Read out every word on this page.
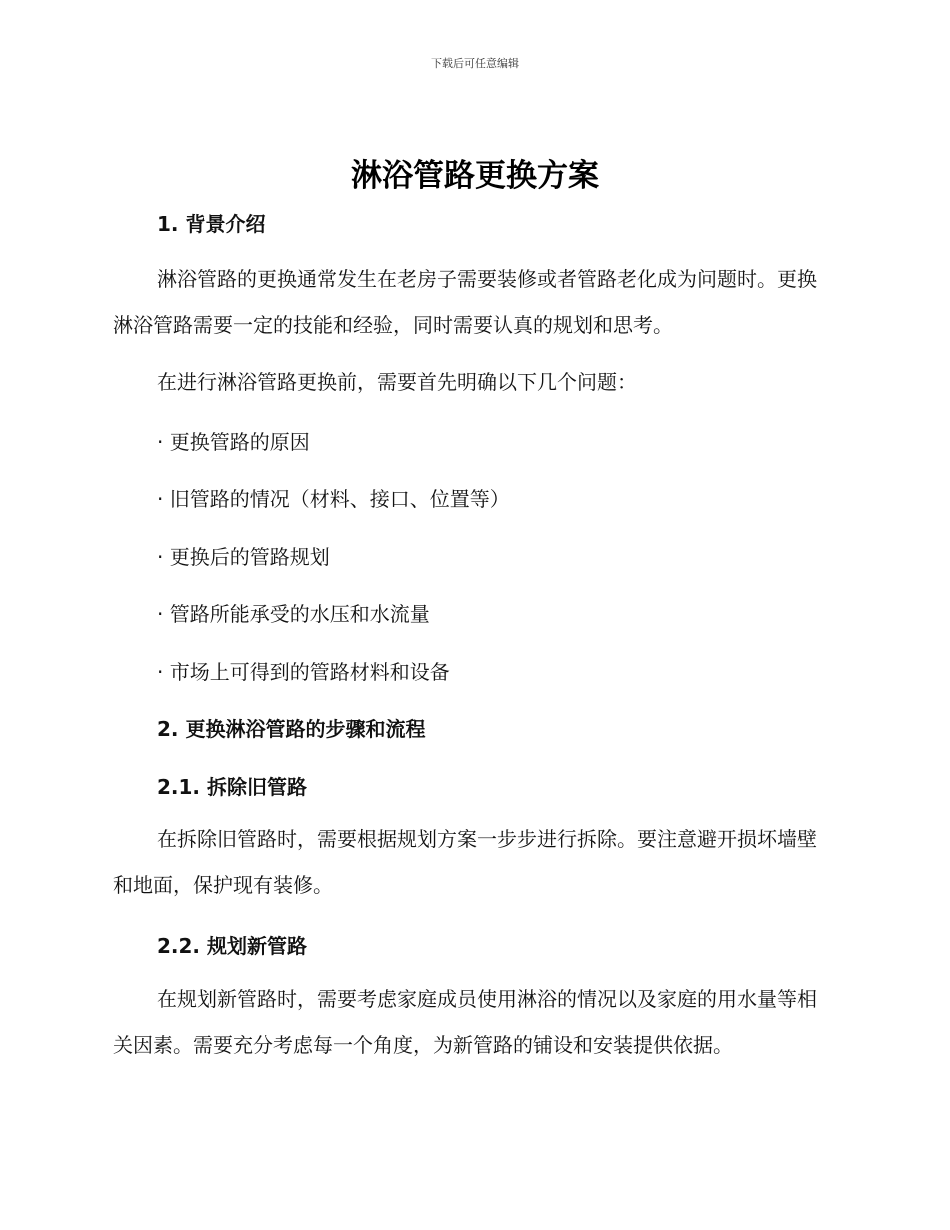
下载后可任意编辑
淋浴管路更换方案
1. 背景介绍

淋浴管路的更换通常发生在老房子需要装修或者管路老化成为问题时。更换淋浴管路需要一定的技能和经验，同时需要认真的规划和思考。

在进行淋浴管路更换前，需要首先明确以下几个问题：

· 更换管路的原因
· 旧管路的情况（材料、接口、位置等）
· 更换后的管路规划
· 管路所能承受的水压和水流量
· 市场上可得到的管路材料和设备
2. 更换淋浴管路的步骤和流程
2.1. 拆除旧管路

在拆除旧管路时，需要根据规划方案一步步进行拆除。要注意避开损坏墙壁和地面，保护现有装修。

2.2. 规划新管路

在规划新管路时，需要考虑家庭成员使用淋浴的情况以及家庭的用水量等相关因素。需要充分考虑每一个角度，为新管路的铺设和安装提供依据。
